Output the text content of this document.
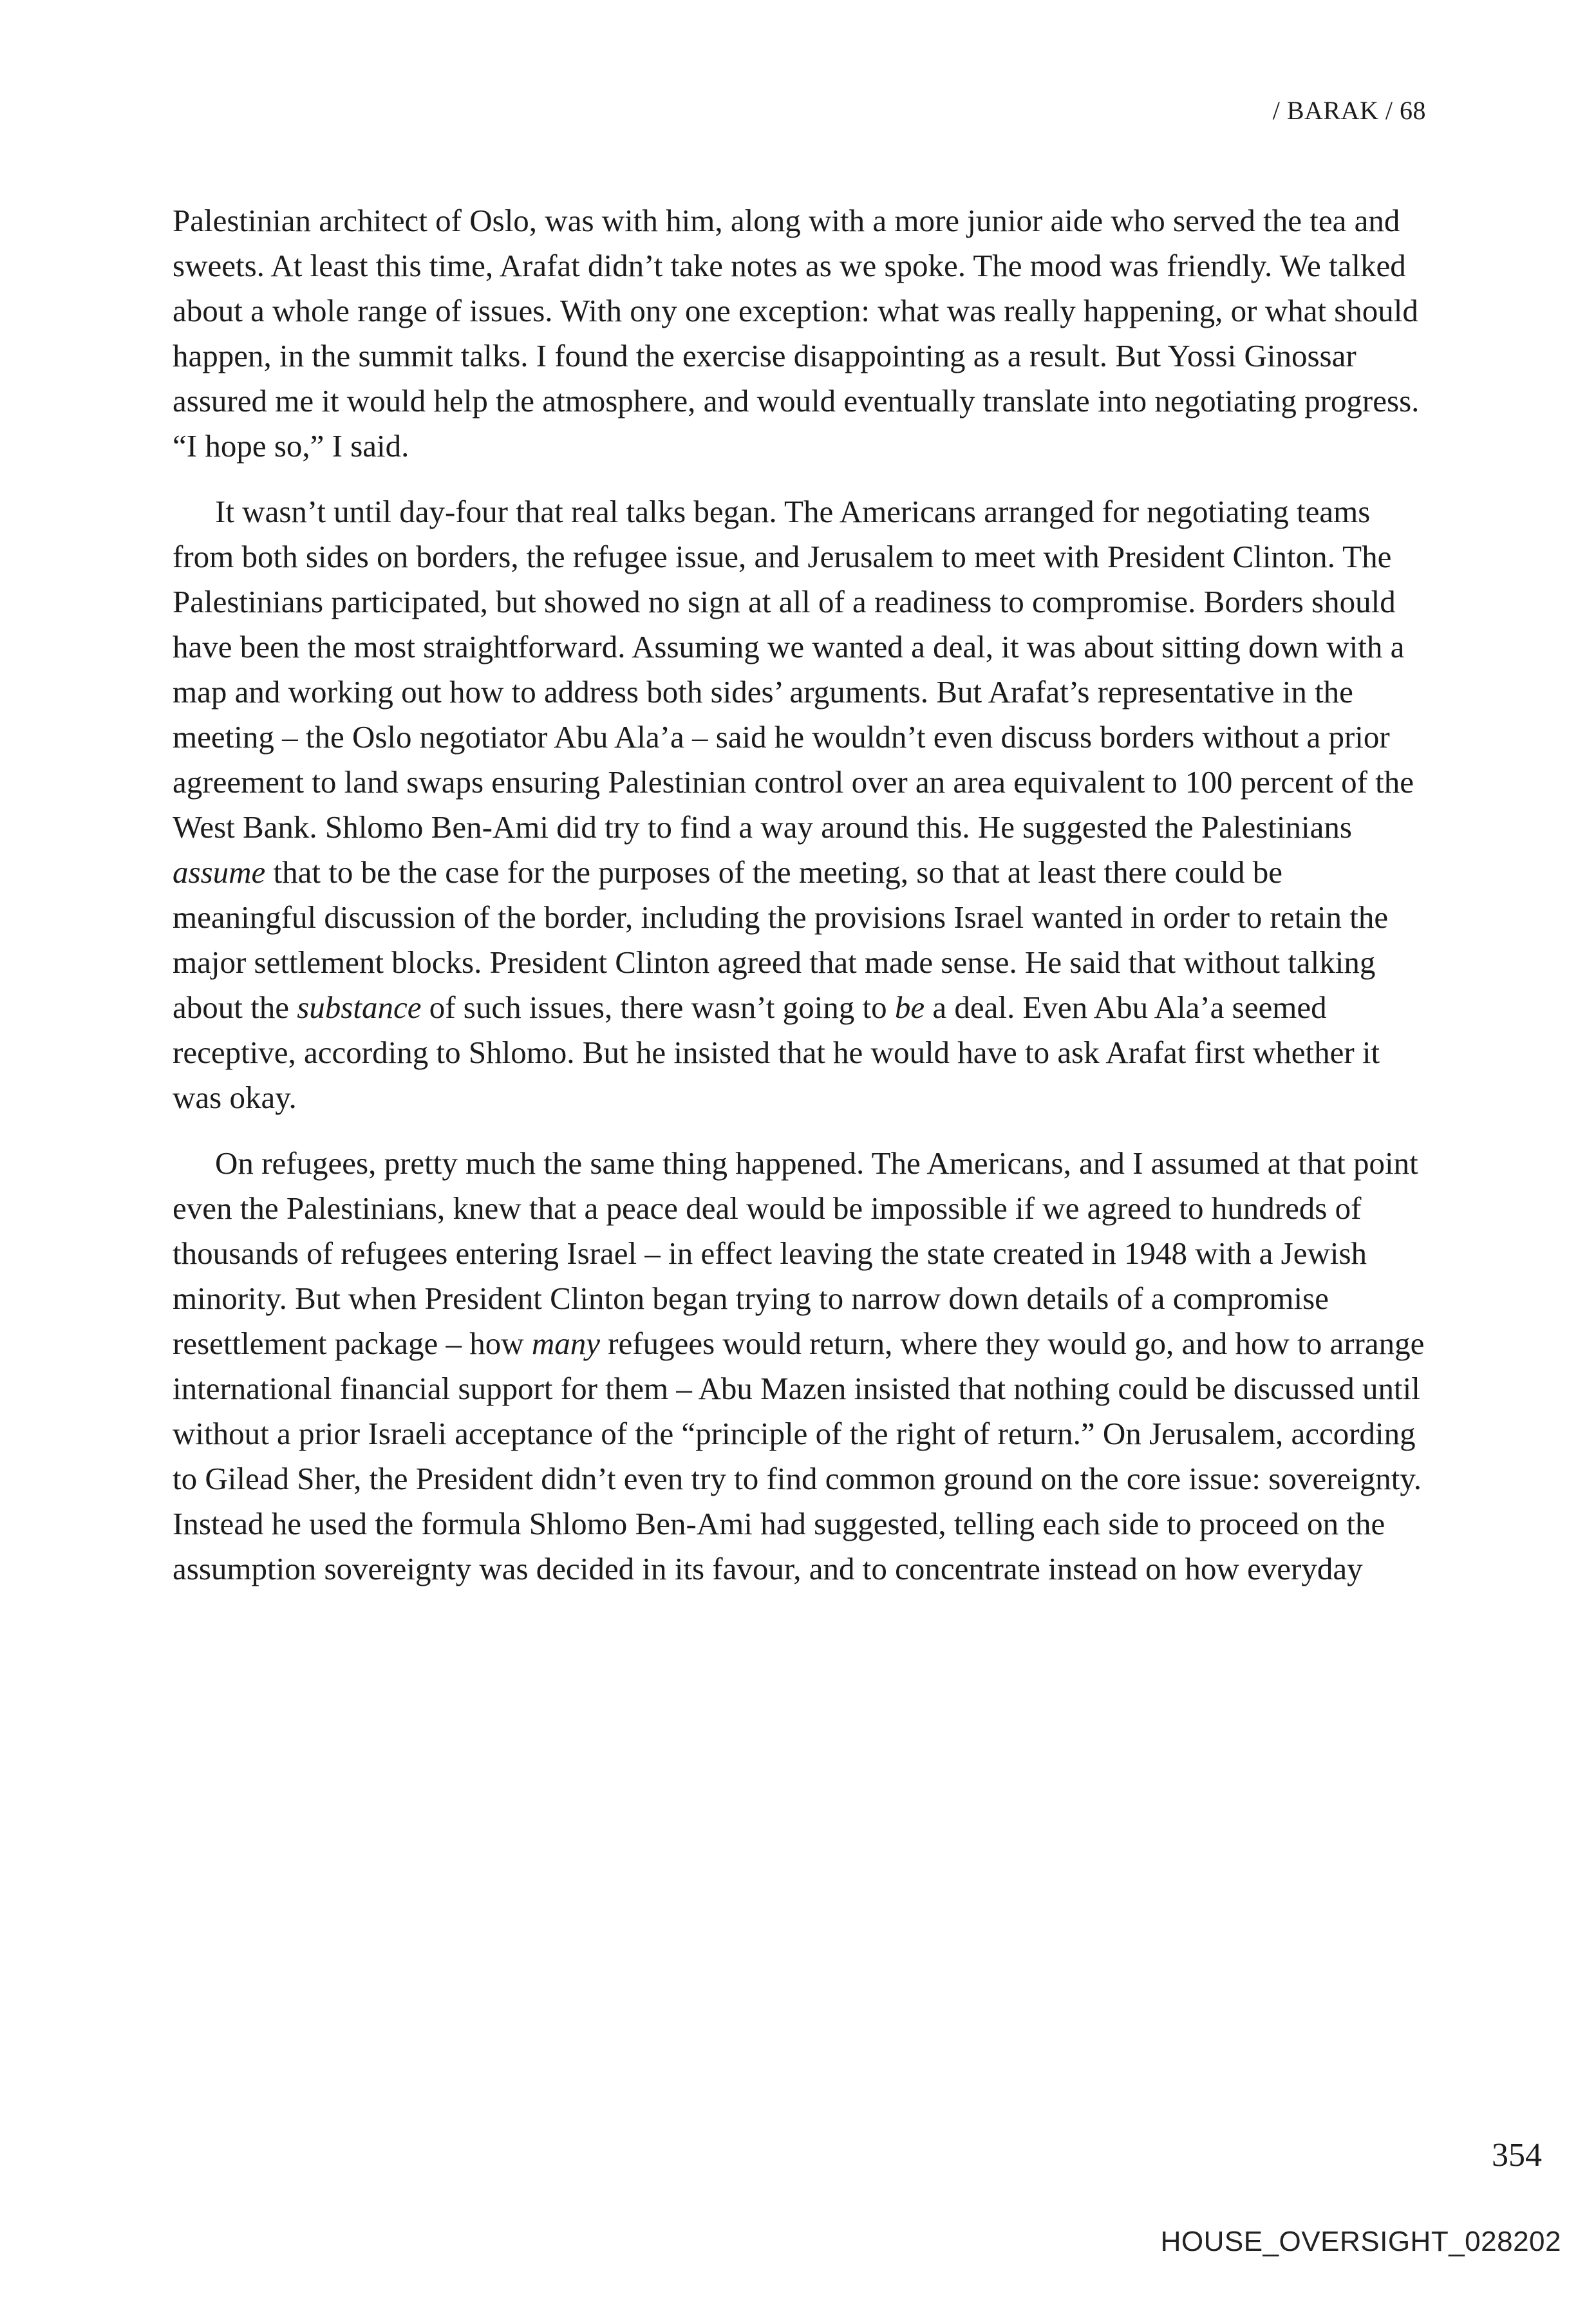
/ BARAK / 68

Palestinian architect of Oslo, was with him, along with a more junior aide who served the tea and sweets. At least this time, Arafat didn’t take notes as we spoke. The mood was friendly. We talked about a whole range of issues. With ony one exception: what was really happening, or what should happen, in the summit talks. I found the exercise disappointing as a result. But Yossi Ginossar assured me it would help the atmosphere, and would eventually translate into negotiating progress. “I hope so,” I said.

It wasn’t until day-four that real talks began. The Americans arranged for negotiating teams from both sides on borders, the refugee issue, and Jerusalem to meet with President Clinton. The Palestinians participated, but showed no sign at all of a readiness to compromise. Borders should have been the most straightforward. Assuming we wanted a deal, it was about sitting down with a map and working out how to address both sides’ arguments. But Arafat’s representative in the meeting – the Oslo negotiator Abu Ala’a – said he wouldn’t even discuss borders without a prior agreement to land swaps ensuring Palestinian control over an area equivalent to 100 percent of the West Bank. Shlomo Ben-Ami did try to find a way around this. He suggested the Palestinians assume that to be the case for the purposes of the meeting, so that at least there could be meaningful discussion of the border, including the provisions Israel wanted in order to retain the major settlement blocks. President Clinton agreed that made sense. He said that without talking about the substance of such issues, there wasn’t going to be a deal. Even Abu Ala’a seemed receptive, according to Shlomo. But he insisted that he would have to ask Arafat first whether it was okay.

On refugees, pretty much the same thing happened. The Americans, and I assumed at that point even the Palestinians, knew that a peace deal would be impossible if we agreed to hundreds of thousands of refugees entering Israel – in effect leaving the state created in 1948 with a Jewish minority. But when President Clinton began trying to narrow down details of a compromise resettlement package – how many refugees would return, where they would go, and how to arrange international financial support for them – Abu Mazen insisted that nothing could be discussed until without a prior Israeli acceptance of the “principle of the right of return.” On Jerusalem, according to Gilead Sher, the President didn’t even try to find common ground on the core issue: sovereignty. Instead he used the formula Shlomo Ben-Ami had suggested, telling each side to proceed on the assumption sovereignty was decided in its favour, and to concentrate instead on how everyday

354
HOUSE_OVERSIGHT_028202
